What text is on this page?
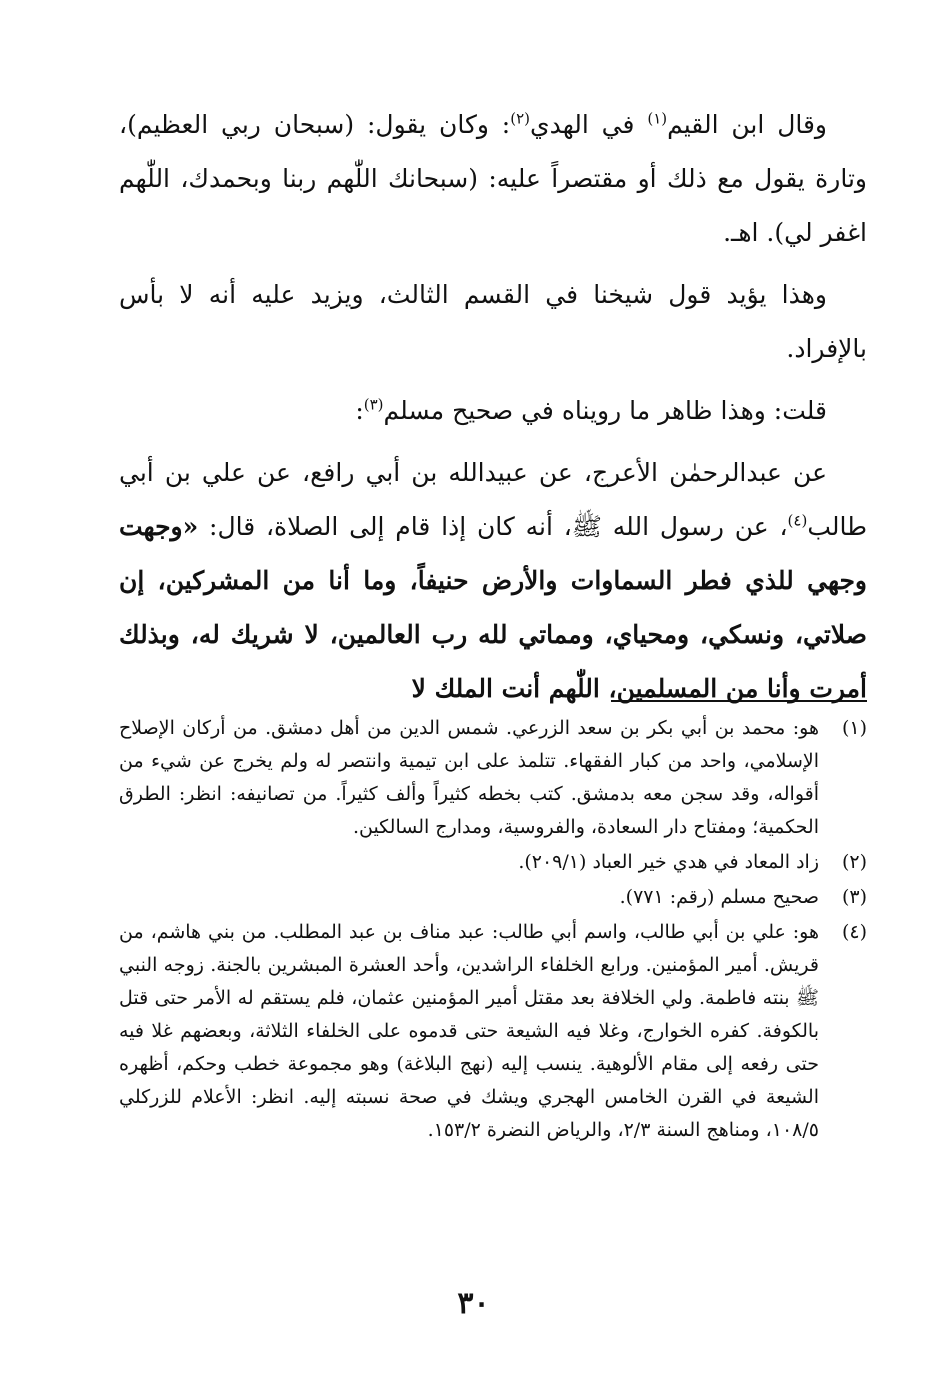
وقال ابن القيم$^{(١)}$ في الهدي$^{(٢)}$: وكان يقول: (سبحان ربي العظيم)، وتارة يقول مع ذلك أو مقتصراً عليه: (سبحانك اللّٰهم ربنا وبحمدك، اللّٰهم اغفر لي). اهـ.

وهذا يؤيد قول شيخنا في القسم الثالث، ويزيد عليه أنه لا بأس بالإفراد.

قلت: وهذا ظاهر ما رويناه في صحيح مسلم$^{(٣)}$:

عن عبدالرحمٰن الأعرج، عن عبيدالله بن أبي رافع، عن علي بن أبي طالب$^{(٤)}$، عن رسول الله ﷺ، أنه كان إذا قام إلى الصلاة، قال: «وجهت وجهي للذي فطر السماوات والأرض حنيفاً، وما أنا من المشركين، إن صلاتي، ونسكي، ومحياي، ومماتي لله رب العالمين، لا شريك له، وبذلك أمرت وأنا من المسلمين، اللّٰهم أنت الملك لا

(١)
هو: محمد بن أبي بكر بن سعد الزرعي. شمس الدين من أهل دمشق. من أركان الإصلاح الإسلامي، واحد من كبار الفقهاء. تتلمذ على ابن تيمية وانتصر له ولم يخرج عن شيء من أقواله، وقد سجن معه بدمشق. كتب بخطه كثيراً وألف كثيراً. من تصانيفه: انظر: الطرق الحكمية؛ ومفتاح دار السعادة، والفروسية، ومدارج السالكين.
(٢)
زاد المعاد في هدي خير العباد (٢٠٩/١).
(٣)
صحيح مسلم (رقم: ٧٧١).
(٤)
هو: علي بن أبي طالب، واسم أبي طالب: عبد مناف بن عبد المطلب. من بني هاشم، من قريش. أمير المؤمنين. ورابع الخلفاء الراشدين، وأحد العشرة المبشرين بالجنة. زوجه النبي ﷺ بنته فاطمة. ولي الخلافة بعد مقتل أمير المؤمنين عثمان، فلم يستقم له الأمر حتى قتل بالكوفة. كفره الخوارج، وغلا فيه الشيعة حتى قدموه على الخلفاء الثلاثة، وبعضهم غلا فيه حتى رفعه إلى مقام الألوهية. ينسب إليه (نهج البلاغة) وهو مجموعة خطب وحكم، أظهره الشيعة في القرن الخامس الهجري ويشك في صحة نسبته إليه. انظر: الأعلام للزركلي ١٠٨/٥، ومناهج السنة ٢/٣، والرياض النضرة ١٥٣/٢.
٣٠
